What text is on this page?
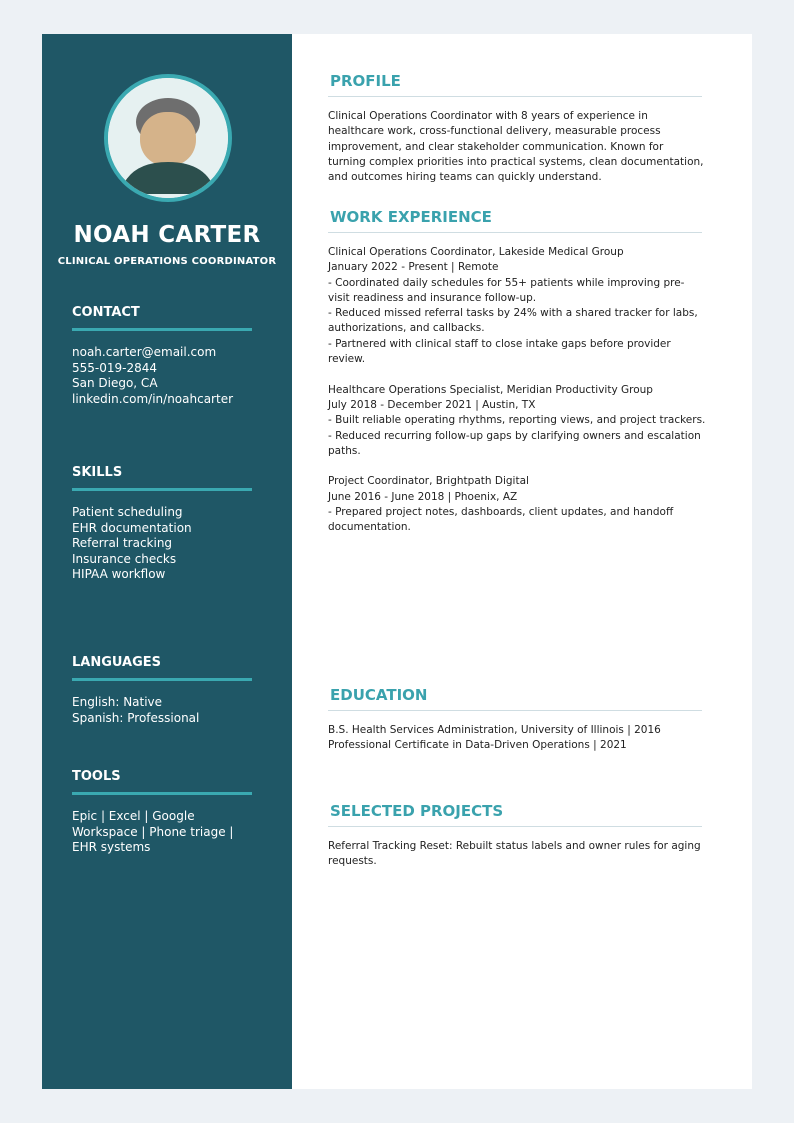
NOAH CARTER
CLINICAL OPERATIONS COORDINATOR
CONTACT
noah.carter@email.com
555-019-2844
San Diego, CA
linkedin.com/in/noahcarter
SKILLS
Patient scheduling
EHR documentation
Referral tracking
Insurance checks
HIPAA workflow
LANGUAGES
English: Native
Spanish: Professional
TOOLS
Epic | Excel | Google Workspace | Phone triage | EHR systems
PROFILE
Clinical Operations Coordinator with 8 years of experience in
healthcare work, cross-functional delivery, measurable process
improvement, and clear stakeholder communication. Known for
turning complex priorities into practical systems, clean documentation,
and outcomes hiring teams can quickly understand.
WORK EXPERIENCE
Clinical Operations Coordinator, Lakeside Medical Group
January 2022 - Present | Remote
- Coordinated daily schedules for 55+ patients while improving pre-
visit readiness and insurance follow-up.
- Reduced missed referral tasks by 24% with a shared tracker for labs,
authorizations, and callbacks.
- Partnered with clinical staff to close intake gaps before provider
review.
Healthcare Operations Specialist, Meridian Productivity Group
July 2018 - December 2021 | Austin, TX
- Built reliable operating rhythms, reporting views, and project trackers.
- Reduced recurring follow-up gaps by clarifying owners and escalation
paths.
Project Coordinator, Brightpath Digital
June 2016 - June 2018 | Phoenix, AZ
- Prepared project notes, dashboards, client updates, and handoff
documentation.
EDUCATION
B.S. Health Services Administration, University of Illinois | 2016
Professional Certificate in Data-Driven Operations | 2021
SELECTED PROJECTS
Referral Tracking Reset: Rebuilt status labels and owner rules for aging
requests.
